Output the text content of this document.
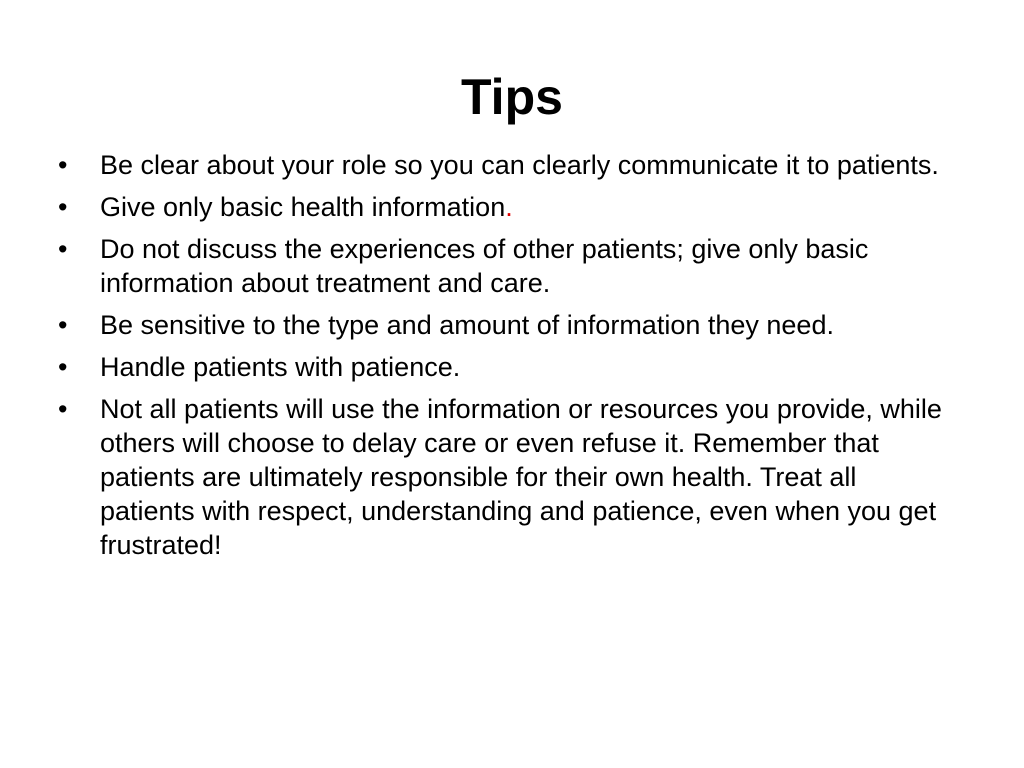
Tips
•	Be clear about your role so you can clearly communicate it to patients.
•	Give only basic health information.
•	Do not discuss the experiences of other patients; give only basic information about treatment and care.
•	Be sensitive to the type and amount of information they need.
•	Handle patients with patience.
•	Not all patients will use the information or resources you provide, while others will choose to delay care or even refuse it. Remember that patients are ultimately responsible for their own health. Treat all patients with respect, understanding and patience, even when you get frustrated!
